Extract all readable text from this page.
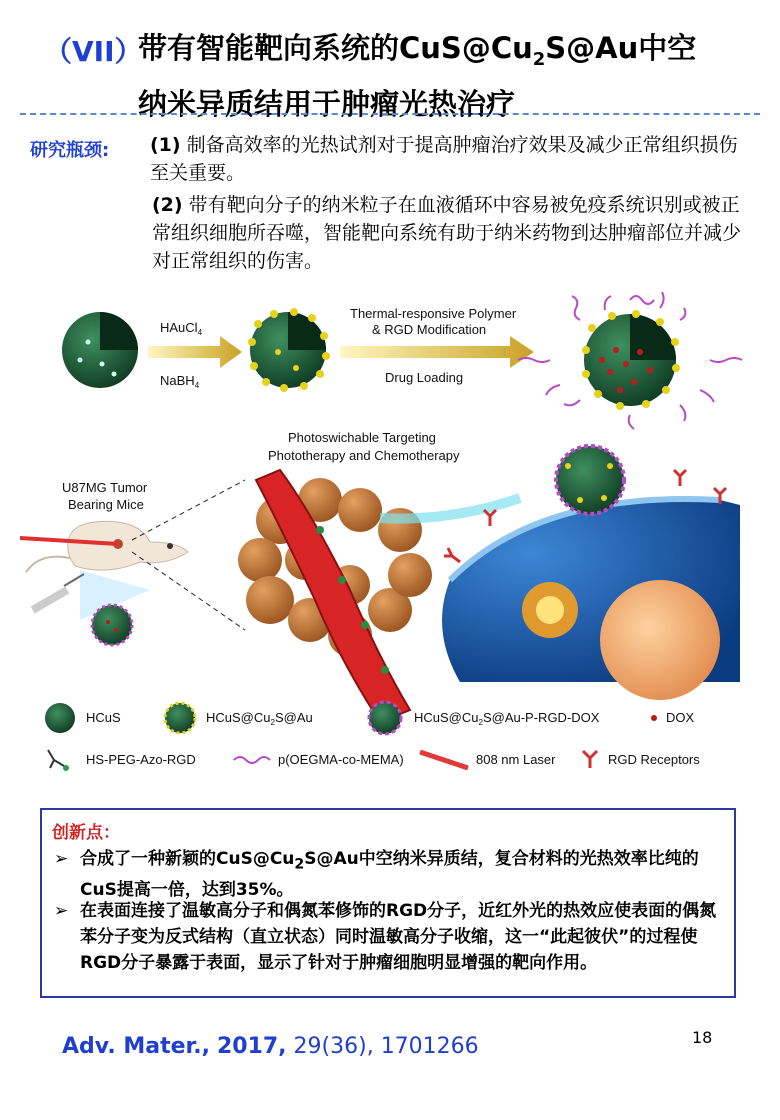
（VII）
带有智能靶向系统的$CuS@Cu_2S@Au$中空
纳米异质结用于肿瘤光热治疗
研究瓶颈: (1) 制备高效率的光热试剂对于提高肿瘤治疗效果及减少正常组织损伤至关重要。
(2) 带有靶向分子的纳米粒子在血液循环中容易被免疫系统识别或被正常组织细胞所吞噬，智能靶向系统有助于纳米药物到达肿瘤部位并减少对正常组织的伤害。
HAuCl$_4$
NaBH$_4$
Thermal-responsive Polymer
& RGD Modification
Drug Loading
Photoswichable Targeting
Phototherapy and Chemotherapy
U87MG Tumor
Bearing Mice
HCuS	$HCuS@Cu_2S@Au$	$HCuS@Cu_2S@Au-P-RGD$-DOX	DOX
HS-PEG-Azo-RGD	p(OEGMA-co-MEMA)	808 nm Laser	RGD Receptors
创新点：
➢ 合成了一种新颖的$CuS@Cu_2S@Au$中空纳米异质结，复合材料的光热效率比纯的CuS提高一倍，达到35%。
➢ 在表面连接了温敏高分子和偶氮苯修饰的RGD分子，近红外光的热效应使表面的偶氮苯分子变为反式结构（直立状态）同时温敏高分子收缩，这一“此起彼伏”的过程使RGD分子暴露于表面，显示了针对于肿瘤细胞明显增强的靶向作用。
Adv. Mater., 2017, 29(36), 1701266	18
